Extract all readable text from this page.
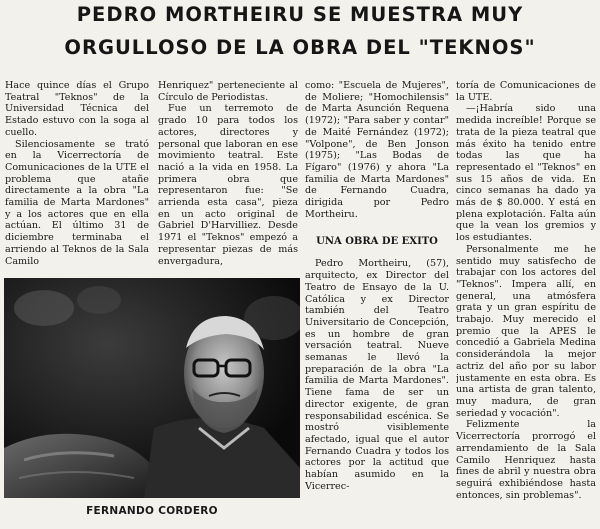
PEDRO MORTHEIRU SE MUESTRA MUY
ORGULLOSO DE LA OBRA DEL "TEKNOS"

Hace quince días el Grupo Teatral "Teknos" de la Universidad Técnica del Estado estuvo con la soga al cuello.

Silenciosamente se trató en la Vicerrectoría de Comunicaciones de la UTE el problema que atañe directamente a la obra "La familia de Marta Mardones" y a los actores que en ella actúan. El último 31 de diciembre terminaba el arriendo al Teknos de la Sala Camilo

Henriquez" perteneciente al Círculo de Periodistas.

Fue un terremoto de grado 10 para todos los actores, directores y personal que laboran en ese movimiento teatral. Este nació a la vida en 1958. La primera obra que representaron fue: "Se arrienda esta casa", pieza en un acto original de Gabriel D'Harvilliez. Desde 1971 el "Teknos" empezó a representar piezas de más envergadura,

como: "Escuela de Mujeres", de Moliere; "Homochilensis" de Marta Asunción Requena (1972); "Para saber y contar" de Maité Fernández (1972); "Volpone", de Ben Jonson (1975); "Las Bodas de Fígaro" (1976) y ahora "La familia de Marta Mardones" de Fernando Cuadra, dirigida por Pedro Mortheiru.

UNA OBRA DE EXITO

Pedro Mortheiru, (57), arquitecto, ex Director del Teatro de Ensayo de la U. Católica y ex Director también del Teatro Universitario de Concepción, es un hombre de gran versación teatral. Nueve semanas le llevó la preparación de la obra "La familia de Marta Mardones". Tiene fama de ser un director exigente, de gran responsabilidad escénica. Se mostró visiblemente afectado, igual que el autor Fernando Cuadra y todos los actores por la actitud que habían asumido en la Vicerrec-

toría de Comunicaciones de la UTE.

—¡Habría sido una medida increíble! Porque se trata de la pieza teatral que más éxito ha tenido entre todas las que ha representado el "Teknos" en sus 15 años de vida. En cinco semanas ha dado ya más de $ 80.000. Y está en plena explotación. Falta aún que la vean los gremios y los estudiantes.

Personalmente me he sentido muy satisfecho de trabajar con los actores del "Teknos". Impera allí, en general, una atmósfera grata y un gran espíritu de trabajo. Muy merecido el premio que la APES le concedió a Gabriela Medina considerándola la mejor actriz del año por su labor justamente en esta obra. Es una artista de gran talento, muy madura, de gran seriedad y vocación".

Felizmente la Vicerrectoría prorrogó el arrendamiento de la Sala Camilo Henriquez hasta fines de abril y nuestra obra seguirá exhibiéndose hasta entonces, sin problemas".

FERNANDO CORDERO
